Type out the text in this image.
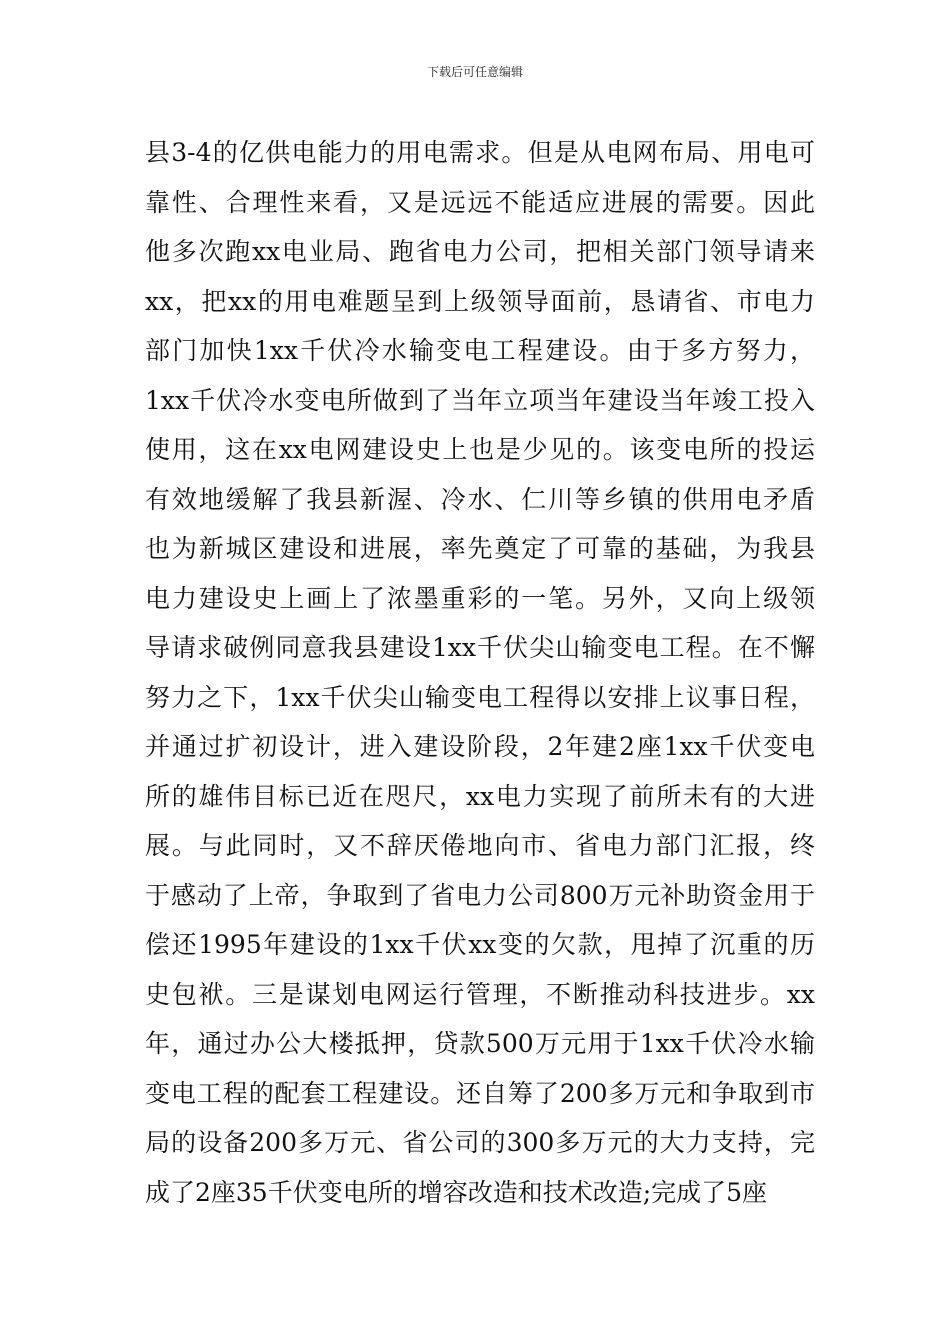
下载后可任意编辑
县3-4的亿供电能力的用电需求。但是从电网布局、用电可
靠性、合理性来看，又是远远不能适应进展的需要。因此
他多次跑xx电业局、跑省电力公司，把相关部门领导请来
xx，把xx的用电难题呈到上级领导面前，恳请省、市电力
部门加快1xx千伏冷水输变电工程建设。由于多方努力，
1xx千伏冷水变电所做到了当年立项当年建设当年竣工投入
使用，这在xx电网建设史上也是少见的。该变电所的投运
有效地缓解了我县新渥、冷水、仁川等乡镇的供用电矛盾
也为新城区建设和进展，率先奠定了可靠的基础，为我县
电力建设史上画上了浓墨重彩的一笔。另外，又向上级领
导请求破例同意我县建设1xx千伏尖山输变电工程。在不懈
努力之下，1xx千伏尖山输变电工程得以安排上议事日程，
并通过扩初设计，进入建设阶段，2年建2座1xx千伏变电
所的雄伟目标已近在咫尺，xx电力实现了前所未有的大进
展。与此同时，又不辞厌倦地向市、省电力部门汇报，终
于感动了上帝，争取到了省电力公司800万元补助资金用于
偿还1995年建设的1xx千伏xx变的欠款，甩掉了沉重的历
史包袱。三是谋划电网运行管理，不断推动科技进步。xx
年，通过办公大楼抵押，贷款500万元用于1xx千伏冷水输
变电工程的配套工程建设。还自筹了200多万元和争取到市
局的设备200多万元、省公司的300多万元的大力支持，完
成了2座35千伏变电所的增容改造和技术改造;完成了5座
